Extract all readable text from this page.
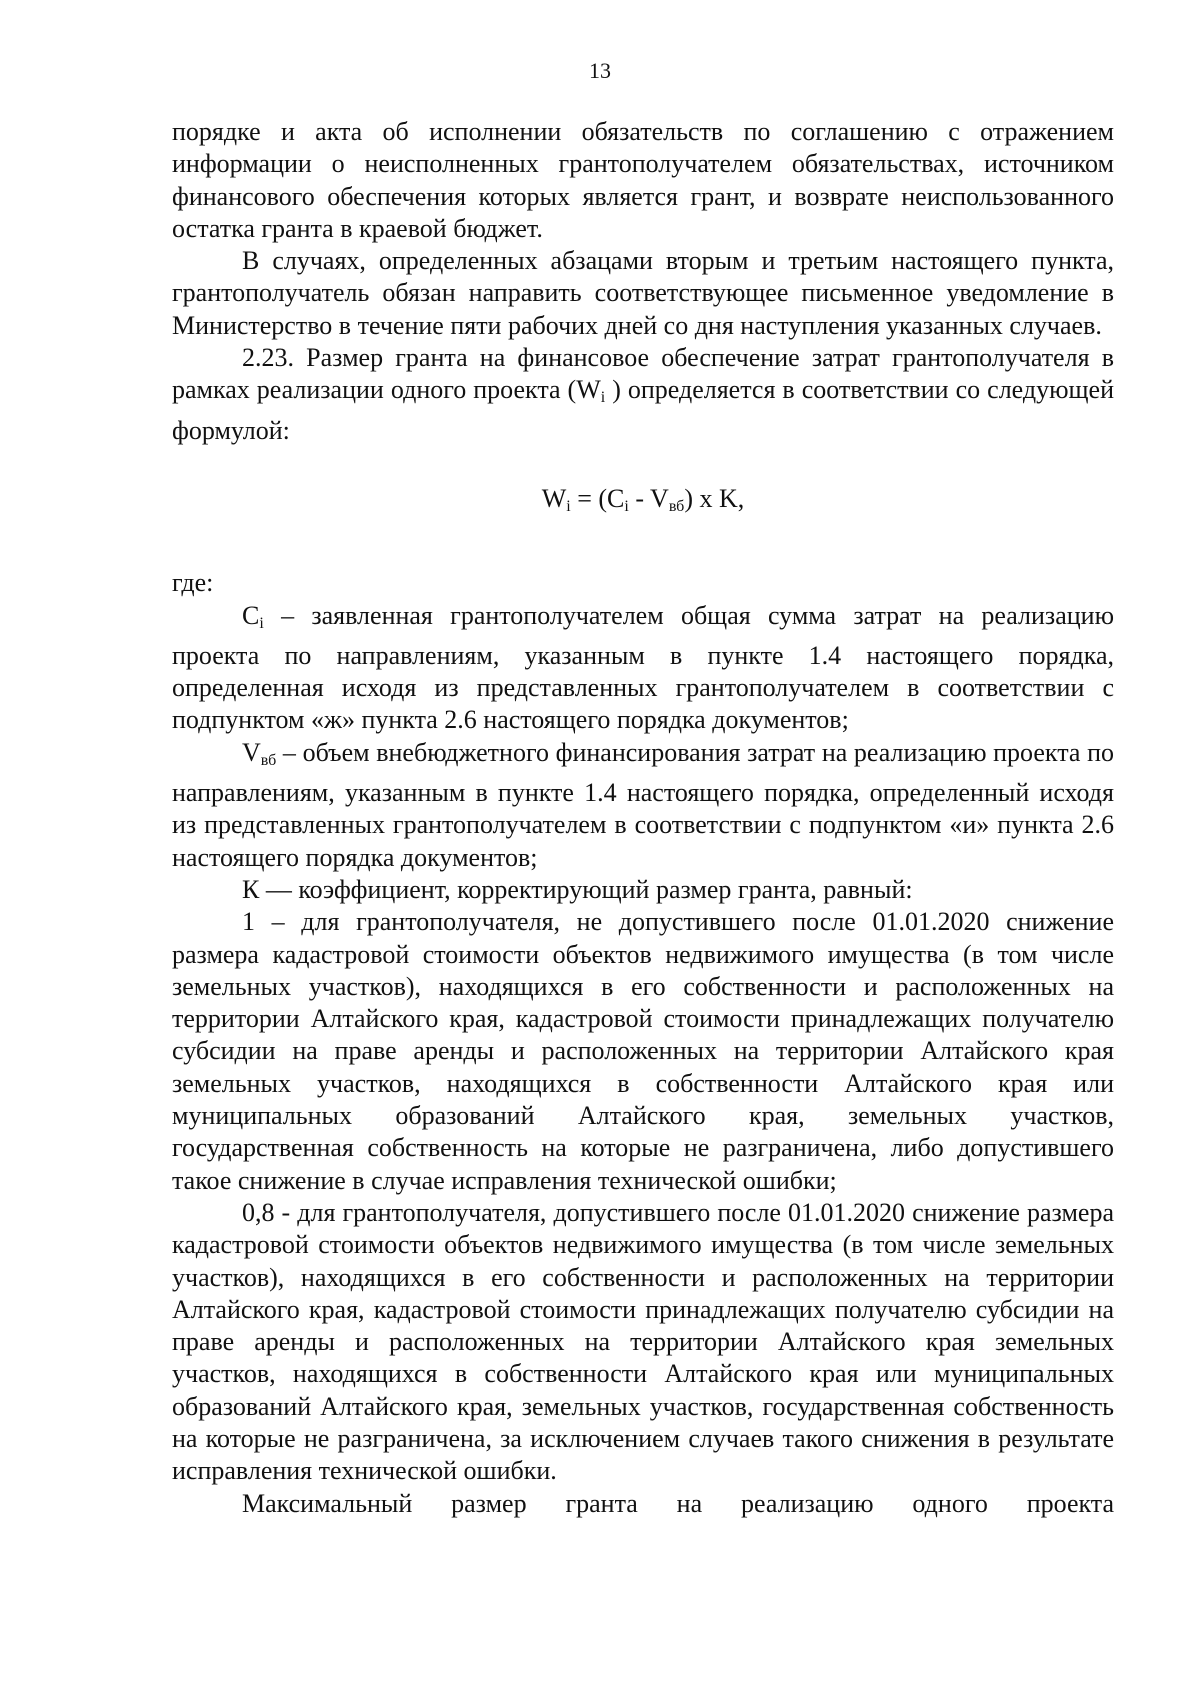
13

порядке и акта об исполнении обязательств по соглашению с отражением информации о неисполненных грантополучателем обязательствах, источником финансового обеспечения которых является грант, и возврате неиспользованного остатка гранта в краевой бюджет.

В случаях, определенных абзацами вторым и третьим настоящего пункта, грантополучатель обязан направить соответствующее письменное уведомление в Министерство в течение пяти рабочих дней со дня наступления указанных случаев.

2.23. Размер гранта на финансовое обеспечение затрат грантополучателя в рамках реализации одного проекта (Wi ) определяется в соответствии со следующей формулой:

$W_i = (C_i - V_{вб})$ x K,

где:

Ci – заявленная грантополучателем общая сумма затрат на реализацию проекта по направлениям, указанным в пункте 1.4 настоящего порядка, определенная исходя из представленных грантополучателем в соответствии с подпунктом «ж» пункта 2.6 настоящего порядка документов;

Vвб – объем внебюджетного финансирования затрат на реализацию проекта по направлениям, указанным в пункте 1.4 настоящего порядка, определенный исходя из представленных грантополучателем в соответствии с подпунктом «и» пункта 2.6 настоящего порядка документов;

К — коэффициент, корректирующий размер гранта, равный:

1 – для грантополучателя, не допустившего после 01.01.2020 снижение размера кадастровой стоимости объектов недвижимого имущества (в том числе земельных участков), находящихся в его собственности и расположенных на территории Алтайского края, кадастровой стоимости принадлежащих получателю субсидии на праве аренды и расположенных на территории Алтайского края земельных участков, находящихся в собственности Алтайского края или муниципальных образований Алтайского края, земельных участков, государственная собственность на которые не разграничена, либо допустившего такое снижение в случае исправления технической ошибки;

0,8 - для грантополучателя, допустившего после 01.01.2020 снижение размера кадастровой стоимости объектов недвижимого имущества (в том числе земельных участков), находящихся в его собственности и расположенных на территории Алтайского края, кадастровой стоимости принадлежащих получателю субсидии на праве аренды и расположенных на территории Алтайского края земельных участков, находящихся в собственности Алтайского края или муниципальных образований Алтайского края, земельных участков, государственная собственность на которые не разграничена, за исключением случаев такого снижения в результате исправления технической ошибки.

Максимальный размер гранта на реализацию одного проекта
